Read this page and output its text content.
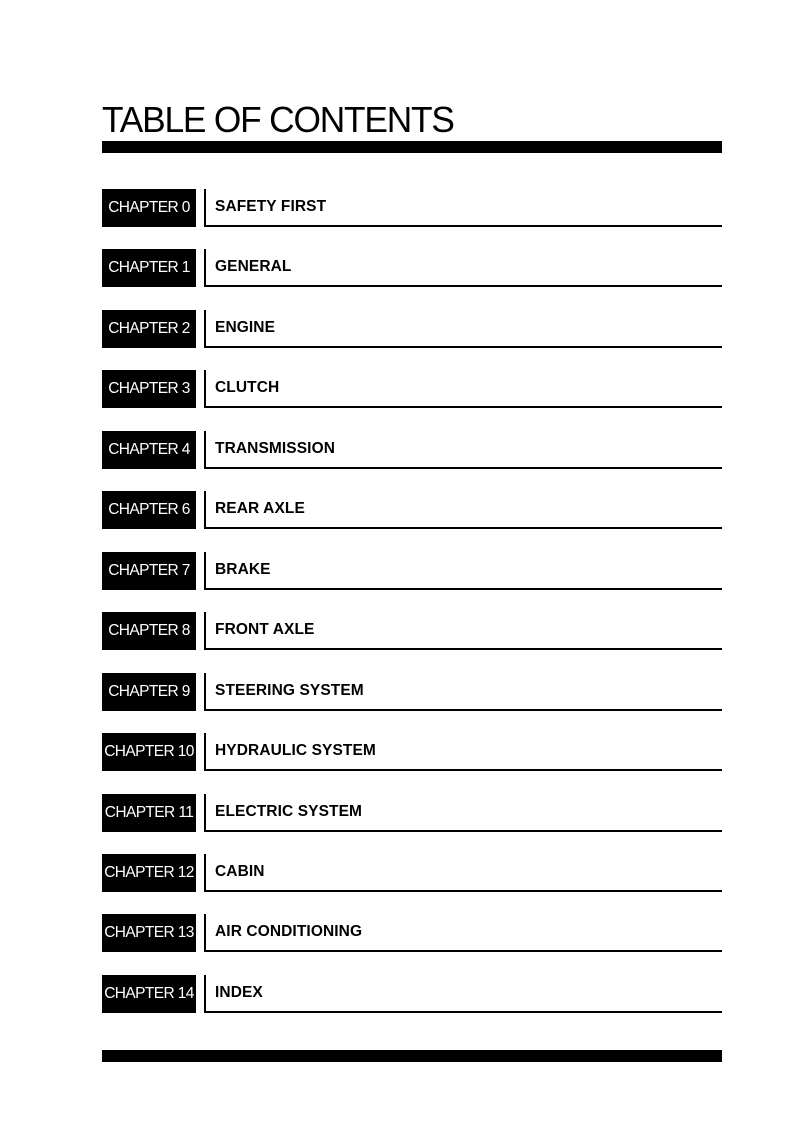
TABLE OF CONTENTS
CHAPTER 0	SAFETY FIRST
CHAPTER 1	GENERAL
CHAPTER 2	ENGINE
CHAPTER 3	CLUTCH
CHAPTER 4	TRANSMISSION
CHAPTER 6	REAR AXLE
CHAPTER 7	BRAKE
CHAPTER 8	FRONT AXLE
CHAPTER 9	STEERING SYSTEM
CHAPTER 10 HYDRAULIC SYSTEM
CHAPTER 11 ELECTRIC SYSTEM
CHAPTER 12 CABIN
CHAPTER 13 AIR CONDITIONING
CHAPTER 14 INDEX
